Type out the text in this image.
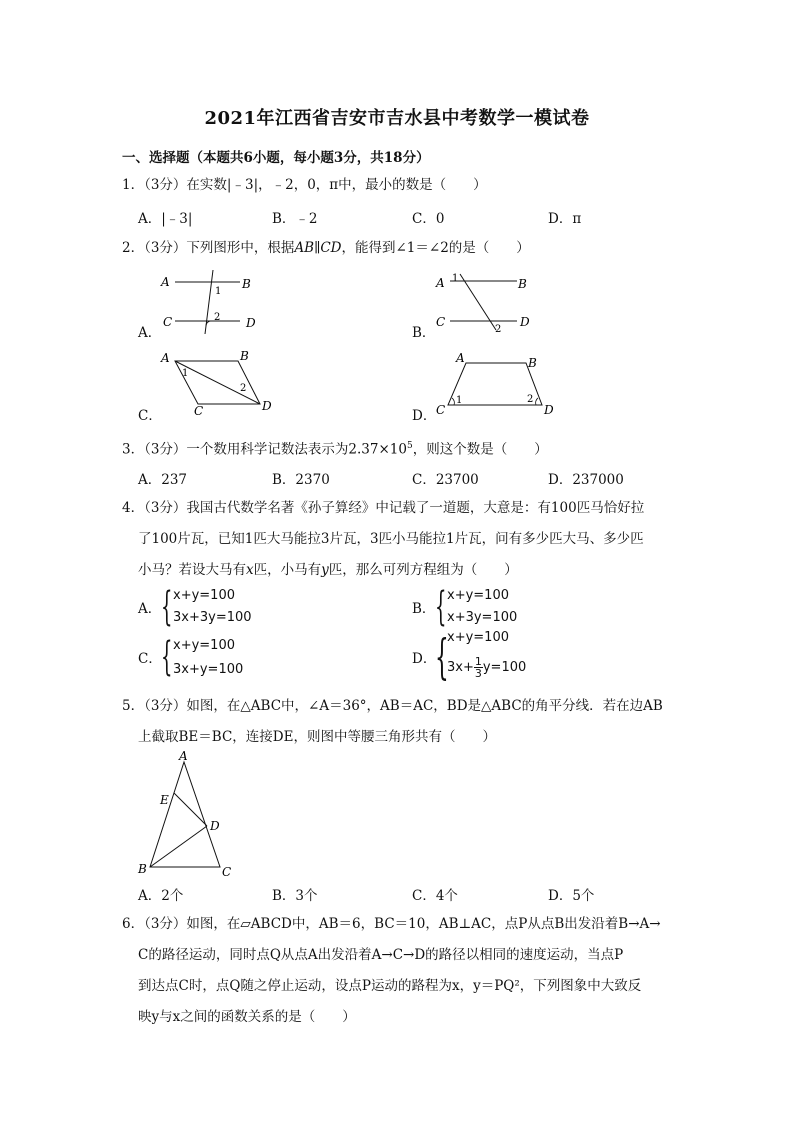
2021年江西省吉安市吉水县中考数学一模试卷
一、选择题（本题共6小题，每小题3分，共18分）
1．（3分）在实数|﹣3|，﹣2，0，π中，最小的数是（　　）
A．|﹣3|	B．﹣2	C．0	D．π
2．（3分）下列图形中，根据AB∥CD，能得到∠1＝∠2的是（　　）
A	B
C	D
1
2
A．
A	B
C	D
1
2
B．
A	B
C	D
1
2
C．
A	B
C	D
1	2
D．
3．（3分）一个数用科学记数法表示为$2.37\times 10^5$，则这个数是（　　）
A．237	B．2370	C．23700	D．237000
4．（3分）我国古代数学名著《孙子算经》中记载了一道题，大意是：有100匹马恰好拉
了100片瓦，已知1匹大马能拉3片瓦，3匹小马能拉1片瓦，问有多少匹大马、多少匹
小马？若设大马有x匹，小马有y匹，那么可列方程组为（　　）
A． { x+y=100
3x+3y=100
B． { x+y=100
x+3y=100
C． { x+y=100
3x+y=100
D．
{
x+y=100
$3x+ \frac{1}{3}y=100$
5．（3分）如图，在△ABC中，∠A＝36°，AB＝AC，BD是△ABC的角平分线．若在边AB
上截取BE＝BC，连接DE，则图中等腰三角形共有（　　）
A
B	C
D
E
A．2个	B．3个	C．4个	D．5个
6．（3分）如图，在▱ABCD中，AB＝6，BC＝10，AB⊥AC，点P从点B出发沿着B→A→
C的路径运动，同时点Q从点A出发沿着A→C→D的路径以相同的速度运动，当点P
到达点C时，点Q随之停止运动，设点P运动的路程为x，y＝PQ²，下列图象中大致反
映y与x之间的函数关系的是（　　）
